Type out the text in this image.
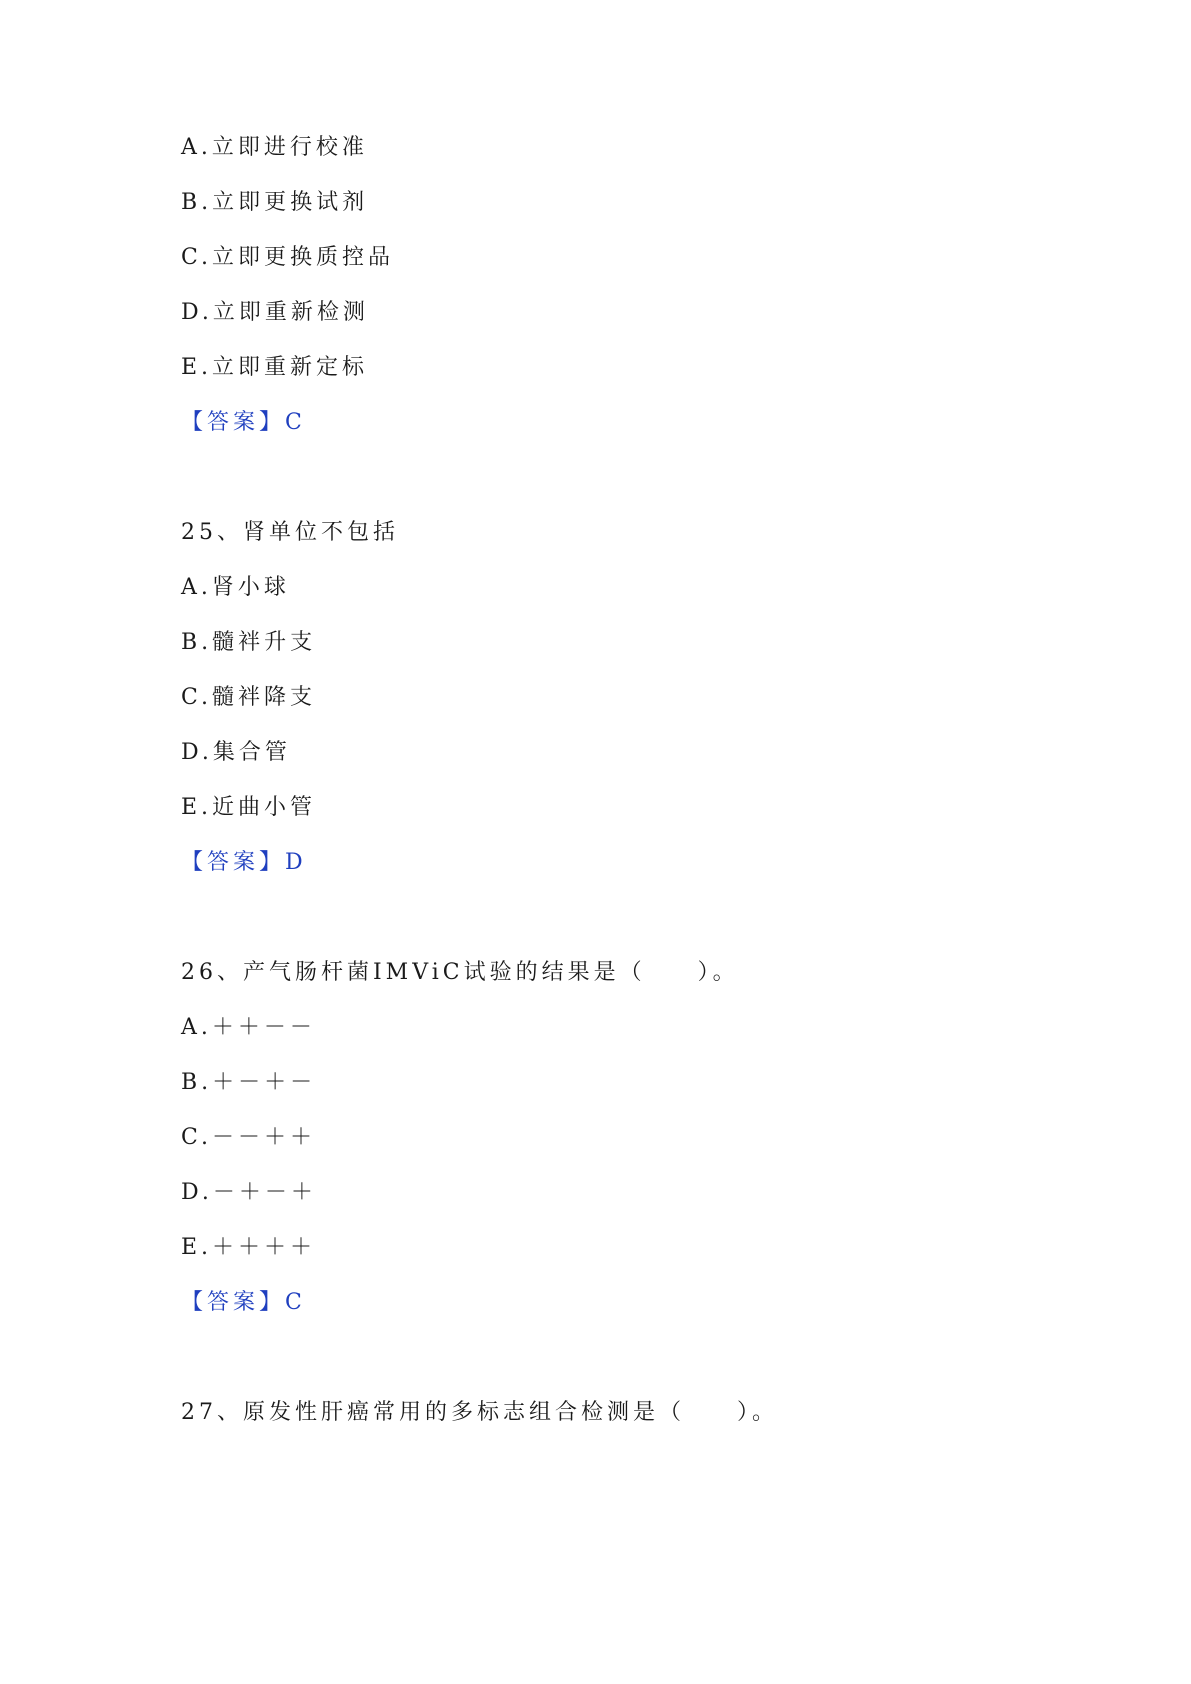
A.立即进行校准
B.立即更换试剂
C.立即更换质控品
D.立即重新检测
E.立即重新定标
【答案】C
25、肾单位不包括
A.肾小球
B.髓袢升支
C.髓袢降支
D.集合管
E.近曲小管
【答案】D
26、产气肠杆菌IMViC试验的结果是（　　）。
A.＋＋－－
B.＋－＋－
C.－－＋＋
D.－＋－＋
E.＋＋＋＋
【答案】C
27、原发性肝癌常用的多标志组合检测是（　　）。
